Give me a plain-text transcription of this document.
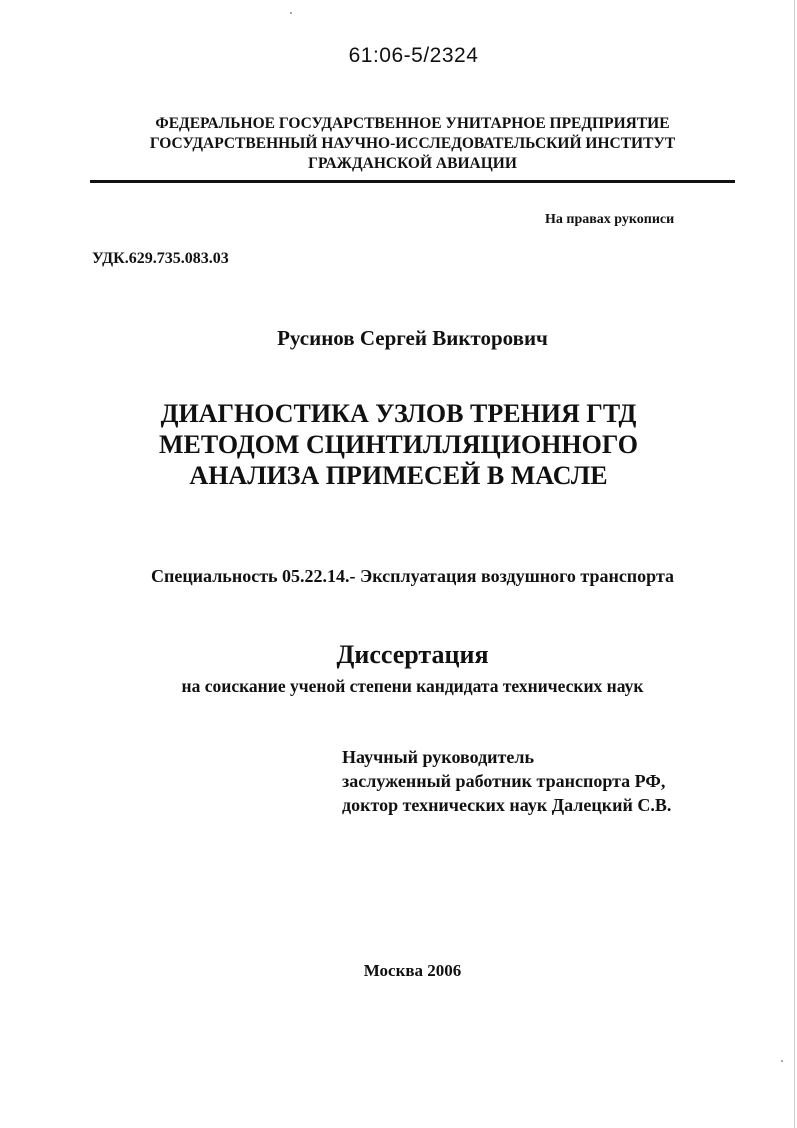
61:06-5/2324
ФЕДЕРАЛЬНОЕ ГОСУДАРСТВЕННОЕ УНИТАРНОЕ ПРЕДПРИЯТИЕ
ГОСУДАРСТВЕННЫЙ НАУЧНО-ИССЛЕДОВАТЕЛЬСКИЙ ИНСТИТУТ
ГРАЖДАНСКОЙ АВИАЦИИ
На правах рукописи
УДК.629.735.083.03
Русинов Сергей Викторович
ДИАГНОСТИКА УЗЛОВ ТРЕНИЯ ГТД
МЕТОДОМ СЦИНТИЛЛЯЦИОННОГО
АНАЛИЗА ПРИМЕСЕЙ В МАСЛЕ
Специальность 05.22.14.- Эксплуатация воздушного транспорта
Диссертация
на соискание ученой степени кандидата технических наук
Научный руководитель
заслуженный работник транспорта РФ,
доктор технических наук Далецкий С.В.
Москва 2006
